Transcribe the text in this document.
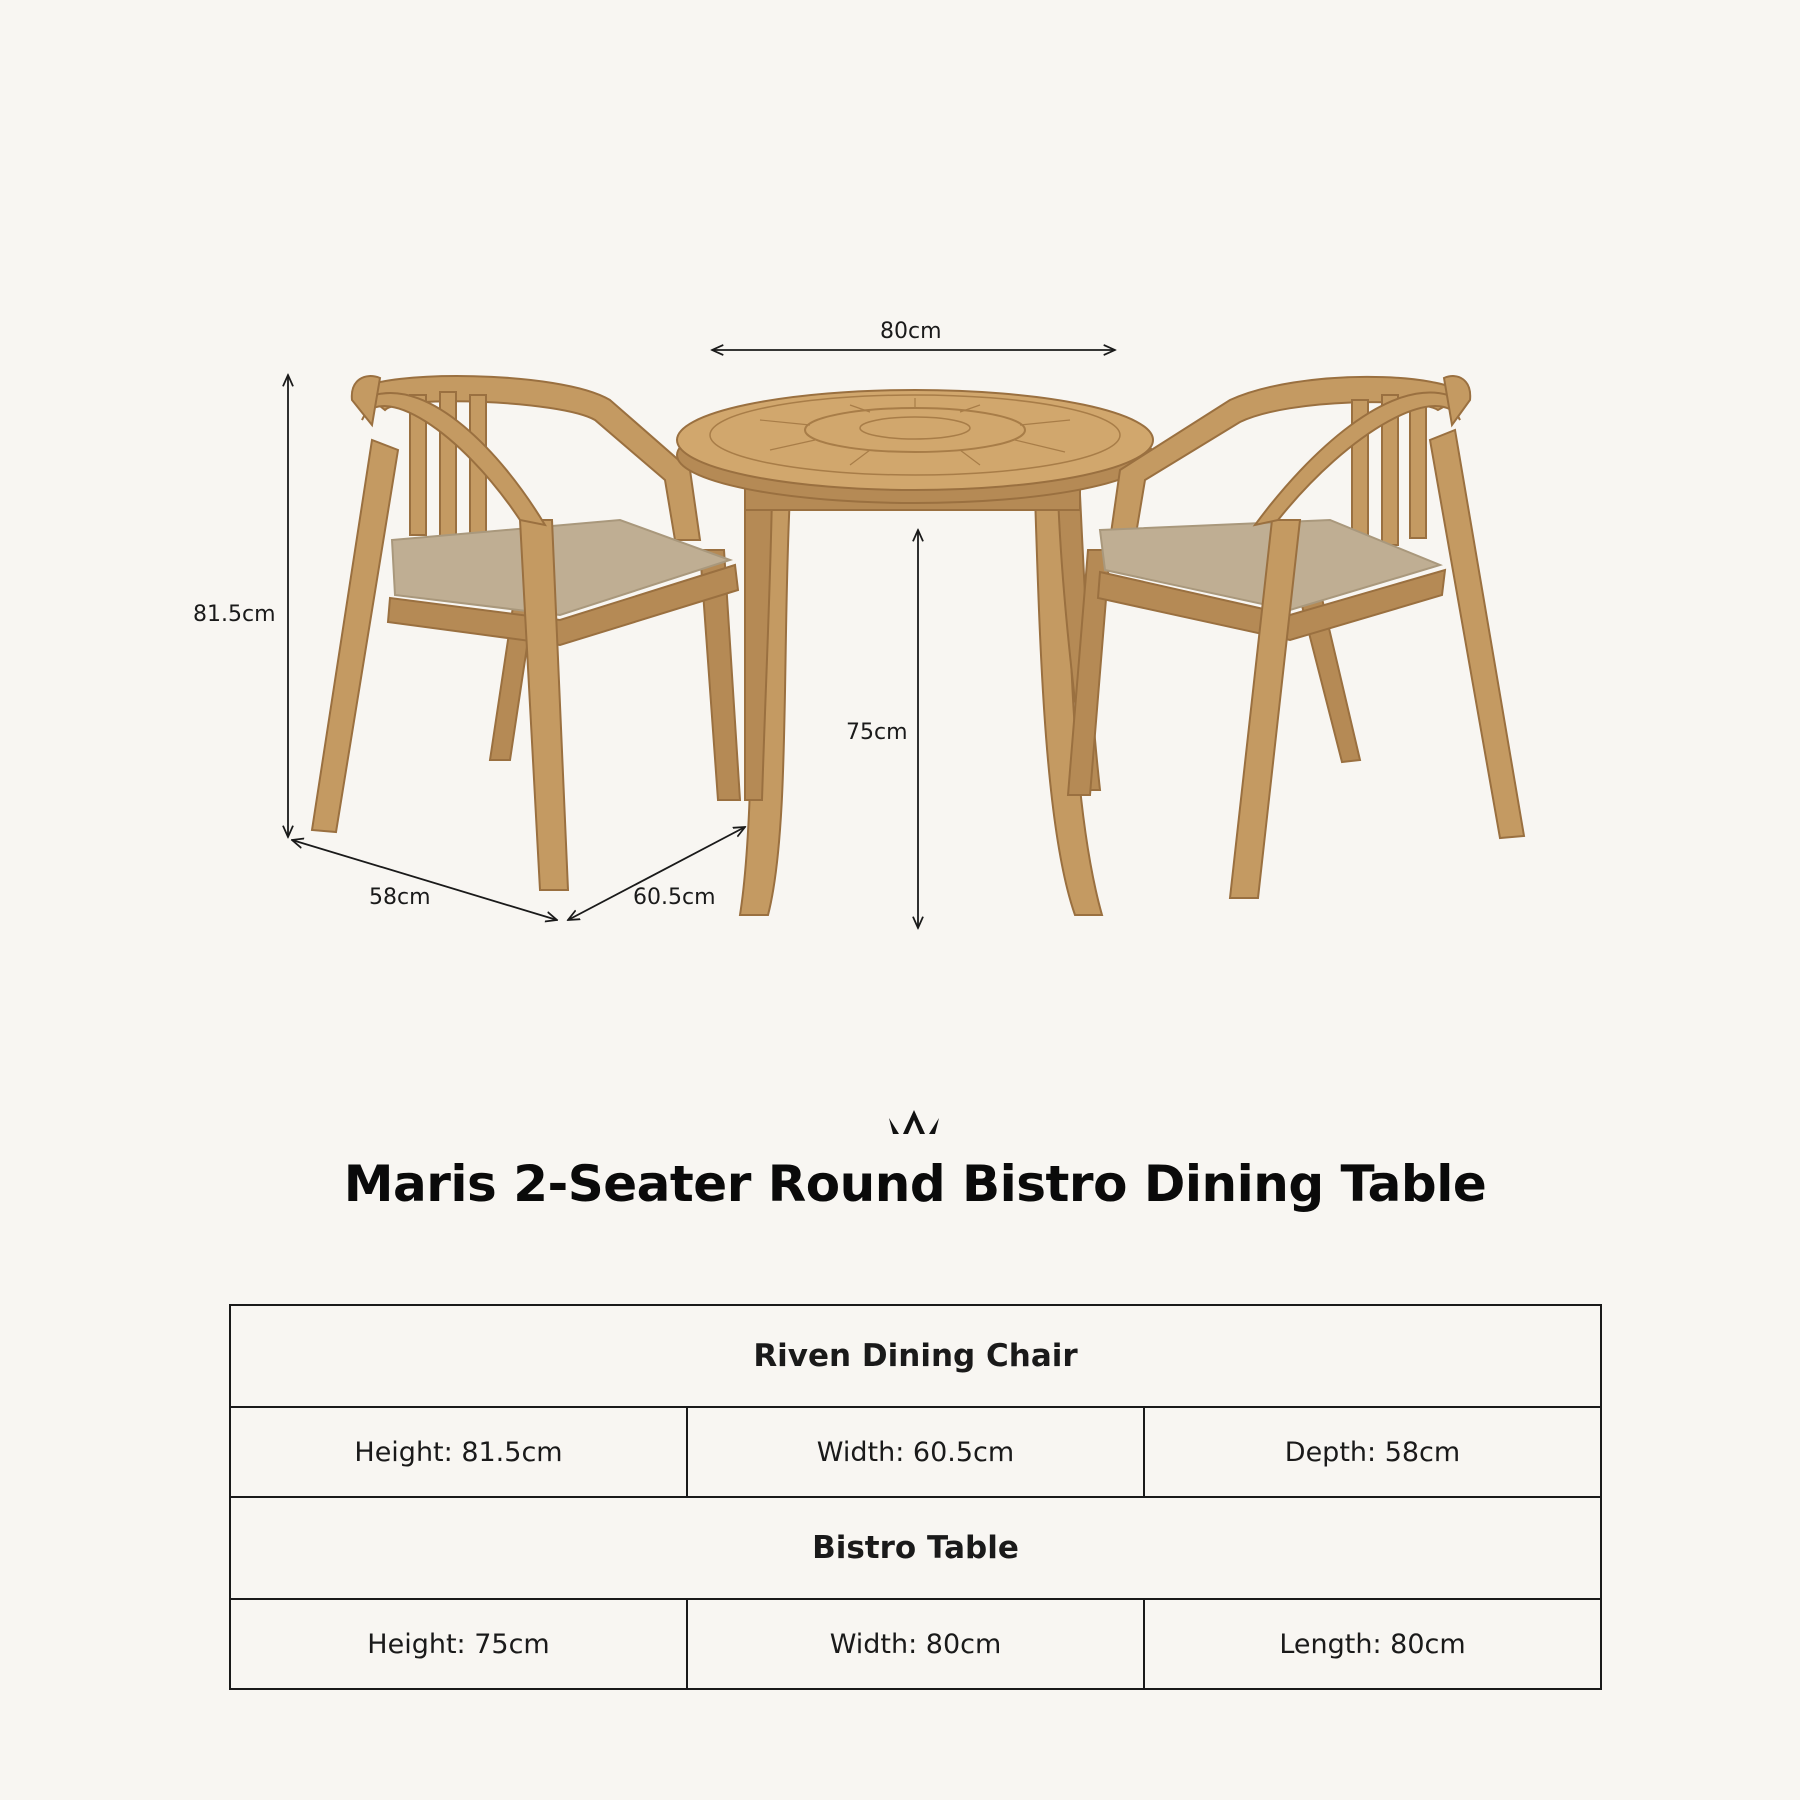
80cm
81.5cm
75cm
58cm	60.5cm
Maris 2-Seater Round Bistro Dining Table
Riven Dining Chair		
Height: 81.5cm	Width: 60.5cm	Depth: 58cm
Bistro Table		
Height: 75cm	Width: 80cm	Length: 80cm
